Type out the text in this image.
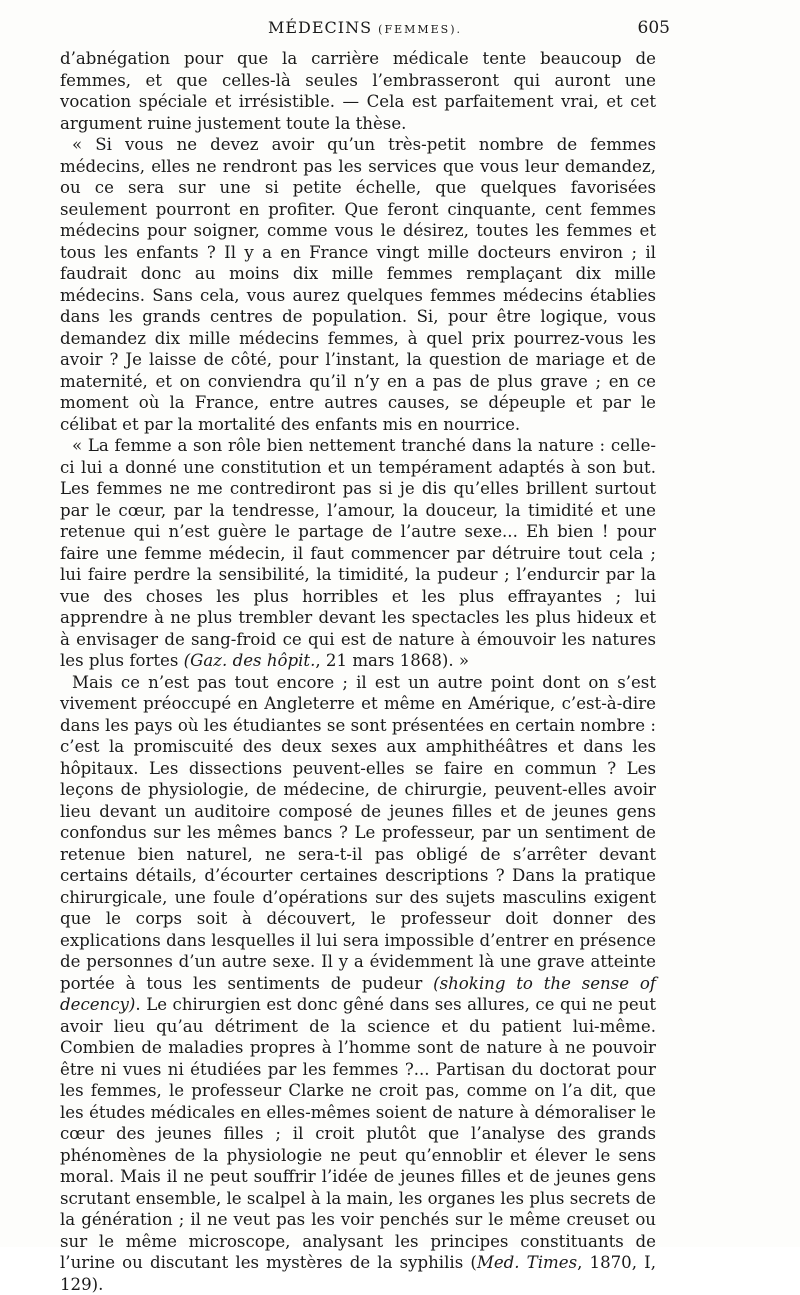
MÉDECINS (FEMMES).	605

d’abnégation pour que la carrière médicale tente beaucoup de femmes, et que celles-là seules l’embrasseront qui auront une vocation spéciale et irrésistible. — Cela est parfaitement vrai, et cet argument ruine justement toute la thèse.

« Si vous ne devez avoir qu’un très-petit nombre de femmes médecins, elles ne rendront pas les services que vous leur demandez, ou ce sera sur une si petite échelle, que quelques favorisées seulement pourront en profiter. Que feront cinquante, cent femmes médecins pour soigner, comme vous le désirez, toutes les femmes et tous les enfants ? Il y a en France vingt mille docteurs environ ; il faudrait donc au moins dix mille femmes remplaçant dix mille médecins. Sans cela, vous aurez quelques femmes médecins établies dans les grands centres de population. Si, pour être logique, vous demandez dix mille médecins femmes, à quel prix pourrez-vous les avoir ? Je laisse de côté, pour l’instant, la question de mariage et de maternité, et on conviendra qu’il n’y en a pas de plus grave ; en ce moment où la France, entre autres causes, se dépeuple et par le célibat et par la mortalité des enfants mis en nourrice.

« La femme a son rôle bien nettement tranché dans la nature : celle-ci lui a donné une constitution et un tempérament adaptés à son but. Les femmes ne me contrediront pas si je dis qu’elles brillent surtout par le cœur, par la tendresse, l’amour, la douceur, la timidité et une retenue qui n’est guère le partage de l’autre sexe... Eh bien ! pour faire une femme médecin, il faut commencer par détruire tout cela ; lui faire perdre la sensibilité, la timidité, la pudeur ; l’endurcir par la vue des choses les plus horribles et les plus effrayantes ; lui apprendre à ne plus trembler devant les spectacles les plus hideux et à envisager de sang-froid ce qui est de nature à émouvoir les natures les plus fortes (Gaz. des hôpit., 21 mars 1868). »

Mais ce n’est pas tout encore ; il est un autre point dont on s’est vivement préoccupé en Angleterre et même en Amérique, c’est-à-dire dans les pays où les étudiantes se sont présentées en certain nombre : c’est la promiscuité des deux sexes aux amphithéâtres et dans les hôpitaux. Les dissections peuvent-elles se faire en commun ? Les leçons de physiologie, de médecine, de chirurgie, peuvent-elles avoir lieu devant un auditoire composé de jeunes filles et de jeunes gens confondus sur les mêmes bancs ? Le professeur, par un sentiment de retenue bien naturel, ne sera-t-il pas obligé de s’arrêter devant certains détails, d’écourter certaines descriptions ? Dans la pratique chirurgicale, une foule d’opérations sur des sujets masculins exigent que le corps soit à découvert, le professeur doit donner des explications dans lesquelles il lui sera impossible d’entrer en présence de personnes d’un autre sexe. Il y a évidemment là une grave atteinte portée à tous les sentiments de pudeur (shoking to the sense of decency). Le chirurgien est donc gêné dans ses allures, ce qui ne peut avoir lieu qu’au détriment de la science et du patient lui-même. Combien de maladies propres à l’homme sont de nature à ne pouvoir être ni vues ni étudiées par les femmes ?... Partisan du doctorat pour les femmes, le professeur Clarke ne croit pas, comme on l’a dit, que les études médicales en elles-mêmes soient de nature à démoraliser le cœur des jeunes filles ; il croit plutôt que l’analyse des grands phénomènes de la physiologie ne peut qu’ennoblir et élever le sens moral. Mais il ne peut souffrir l’idée de jeunes filles et de jeunes gens scrutant ensemble, le scalpel à la main, les organes les plus secrets de la génération ; il ne veut pas les voir penchés sur le même creuset ou sur le même microscope, analysant les principes constituants de l’urine ou discutant les mystères de la syphilis (Med. Times, 1870, I, 129).
